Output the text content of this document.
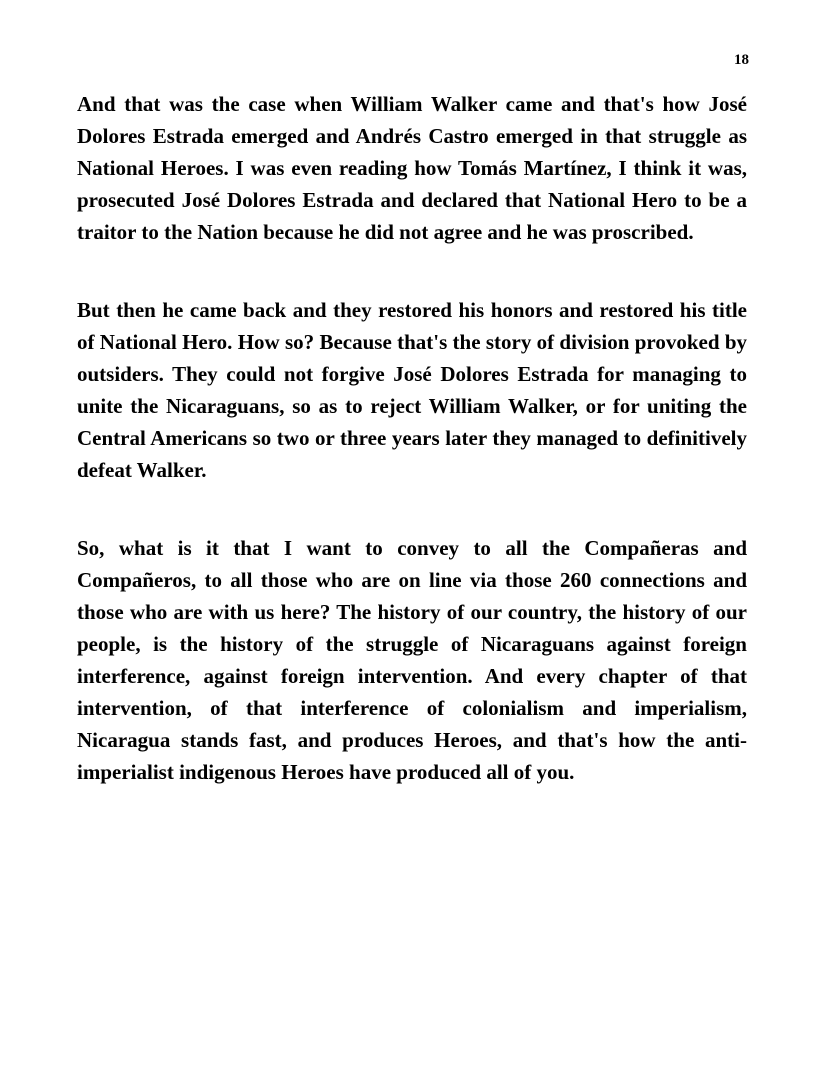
18

And that was the case when William Walker came and that's how José Dolores Estrada emerged and Andrés Castro emerged in that struggle as National Heroes. I was even reading how Tomás Martínez, I think it was, prosecuted José Dolores Estrada and declared that National Hero to be a traitor to the Nation because he did not agree and he was proscribed.

But then he came back and they restored his honors and restored his title of National Hero. How so? Because that's the story of division provoked by outsiders. They could not forgive José Dolores Estrada for managing to unite the Nicaraguans, so as to reject William Walker, or for uniting the Central Americans so two or three years later they managed to definitively defeat Walker.

So, what is it that I want to convey to all the Compañeras and Compañeros, to all those who are on line via those 260 connections and those who are with us here? The history of our country, the history of our people, is the history of the struggle of Nicaraguans against foreign interference, against foreign intervention. And every chapter of that intervention, of that interference of colonialism and imperialism, Nicaragua stands fast, and produces Heroes, and that's how the anti-imperialist indigenous Heroes have produced all of you.
